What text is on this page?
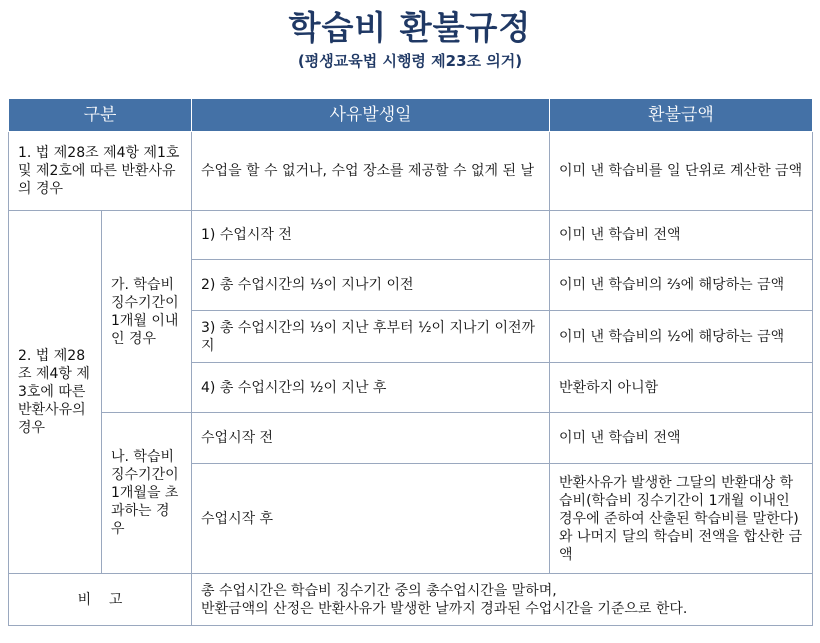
학습비 환불규정
(평생교육법 시행령 제23조 의거)
구분		사유발생일	환불금액
1. 법 제28조 제4항 제1호 및 제2호에 따른 반환사유의 경우		수업을 할 수 없거나, 수업 장소를 제공할 수 없게 된 날	이미 낸 학습비를 일 단위로 계산한 금액
2. 법 제28조 제4항 제3호에 따른 반환사유의 경우	가. 학습비 징수기간이 1개월 이내인 경우	1) 수업시작 전	이미 낸 학습비 전액
		2) 총 수업시간의 ⅓이 지나기 이전	이미 낸 학습비의 ⅔에 해당하는 금액
		3) 총 수업시간의 ⅓이 지난 후부터 ½이 지나기 이전까지	이미 낸 학습비의 ½에 해당하는 금액
		4) 총 수업시간의 ½이 지난 후	반환하지 아니함
	나. 학습비 징수기간이 1개월을 초과하는 경우	수업시작 전	이미 낸 학습비 전액
		수업시작 후	반환사유가 발생한 그달의 반환대상 학습비(학습비 징수기간이 1개월 이내인 경우에 준하여 산출된 학습비를 말한다)와 나머지 달의 학습비 전액을 합산한 금액
비    고		총 수업시간은 학습비 징수기간 중의 총수업시간을 말하며,
반환금액의 산정은 반환사유가 발생한 날까지 경과된 수업시간을 기준으로 한다.	
